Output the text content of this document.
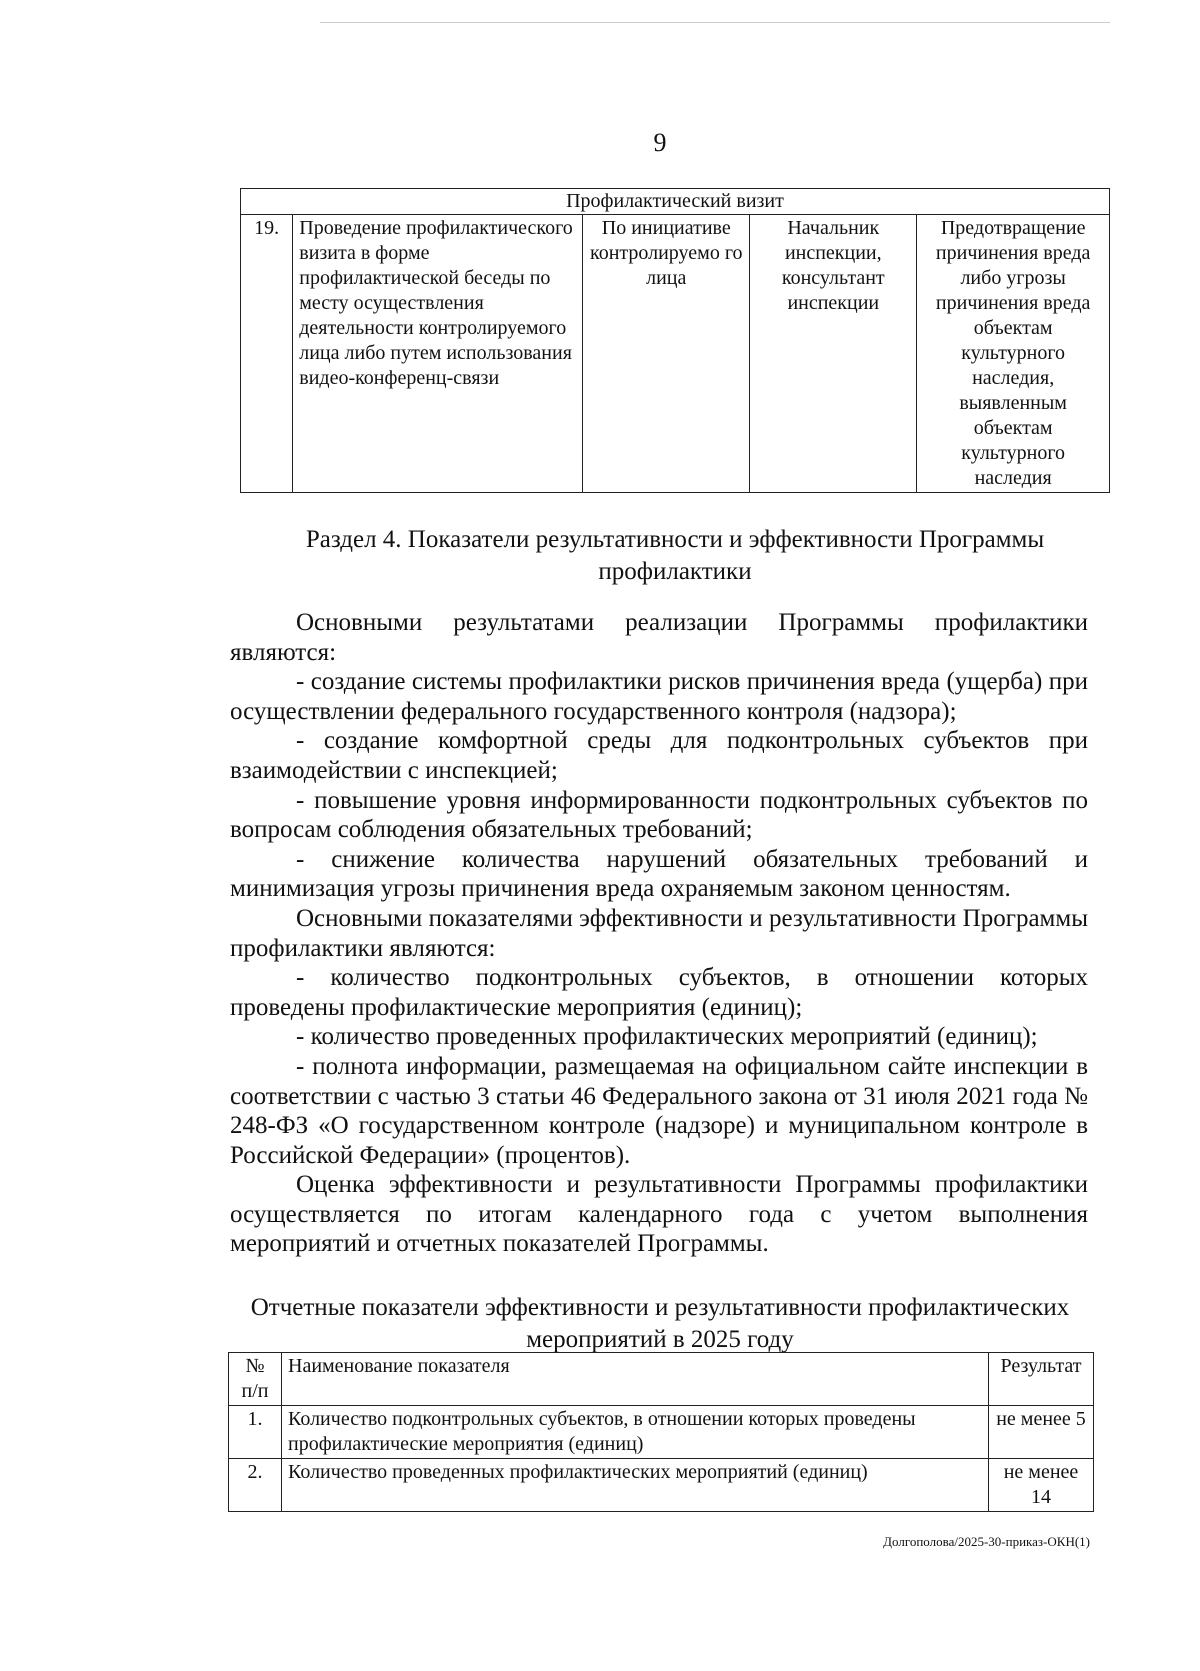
9
Профилактический визит
19.	Проведение профилактического визита в форме профилактической беседы по месту осуществления деятельности контролируемого лица либо путем использования видео-конференц-связи	По инициативе контролируемо го лица	Начальник инспекции, консультант инспекции	Предотвращение причинения вреда либо угрозы причинения вреда объектам культурного наследия, выявленным объектам культурного наследия
Раздел 4. Показатели результативности и эффективности Программы профилактики

Основными результатами реализации Программы профилактики являются:

- создание системы профилактики рисков причинения вреда (ущерба) при осуществлении федерального государственного контроля (надзора);

- создание комфортной среды для подконтрольных субъектов при взаимодействии с инспекцией;

- повышение уровня информированности подконтрольных субъектов по вопросам соблюдения обязательных требований;

- снижение количества нарушений обязательных требований и минимизация угрозы причинения вреда охраняемым законом ценностям.

Основными показателями эффективности и результативности Программы профилактики являются:

- количество подконтрольных субъектов, в отношении которых проведены профилактические мероприятия (единиц);

- количество проведенных профилактических мероприятий (единиц);

- полнота информации, размещаемая на официальном сайте инспекции в соответствии с частью 3 статьи 46 Федерального закона от 31 июля 2021 года № 248-ФЗ «О государственном контроле (надзоре) и муниципальном контроле в Российской Федерации» (процентов).

Оценка эффективности и результативности Программы профилактики осуществляется по итогам календарного года с учетом выполнения мероприятий и отчетных показателей Программы.

Отчетные показатели эффективности и результативности профилактических мероприятий в 2025 году
№ п/п	Наименование показателя	Результат
1.	Количество подконтрольных субъектов, в отношении которых проведены профилактические мероприятия (единиц)	не менее 5
2.	Количество проведенных профилактических мероприятий (единиц)	не менее 14
Долгополова/2025-30-приказ-ОКН(1)
